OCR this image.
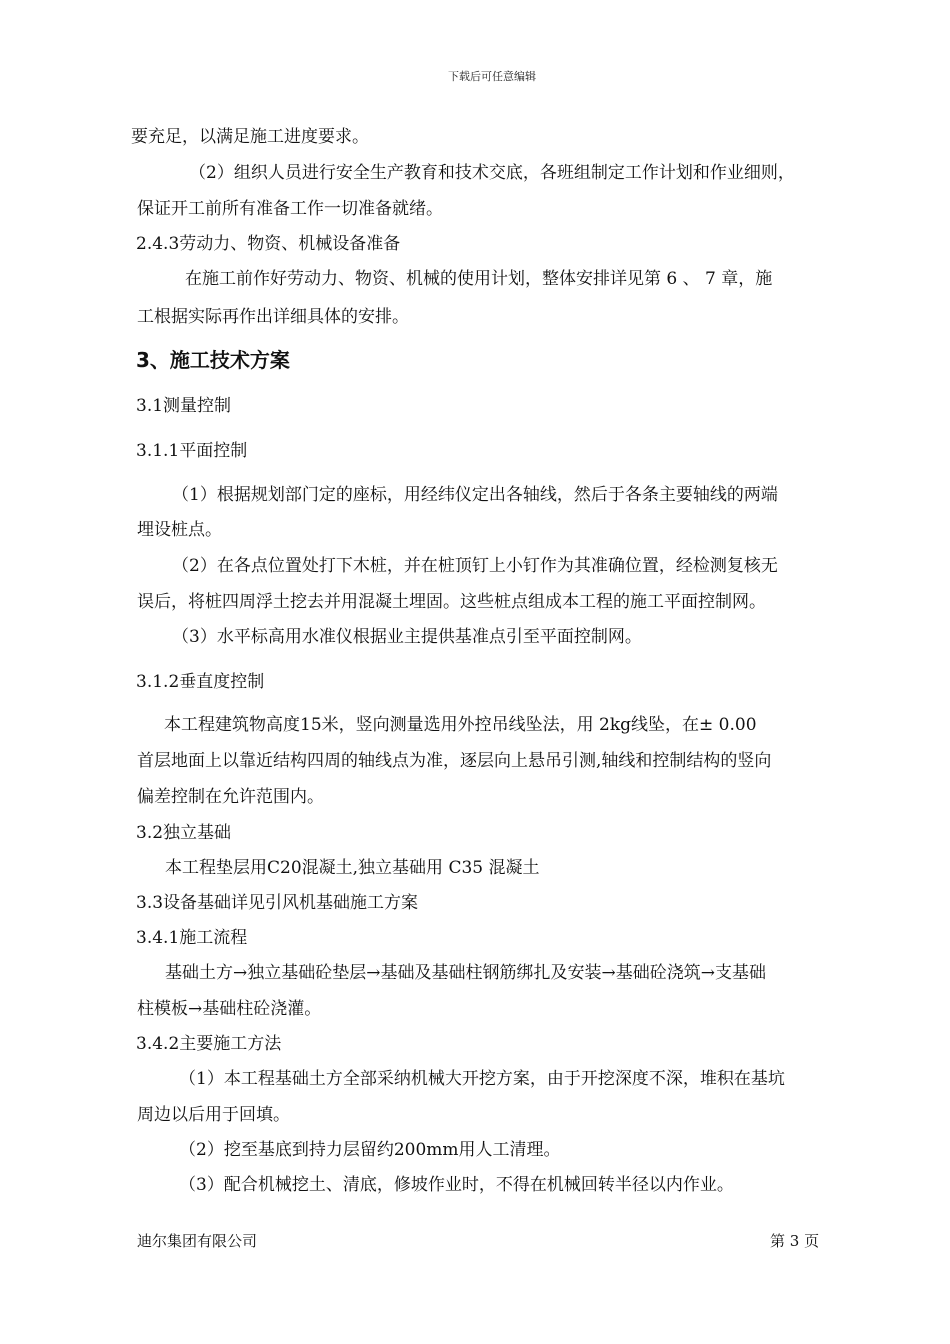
下载后可任意编辑
要充足，以满足施工进度要求。
（2）组织人员进行安全生产教育和技术交底，各班组制定工作计划和作业细则，
保证开工前所有准备工作一切准备就绪。
2.4.3劳动力、物资、机械设备准备
在施工前作好劳动力、物资、机械的使用计划，整体安排详见第 6 、 7 章，施
工根据实际再作出详细具体的安排。
3、施工技术方案
3.1测量控制
3.1.1平面控制
（1）根据规划部门定的座标，用经纬仪定出各轴线，然后于各条主要轴线的两端
埋设桩点。
（2）在各点位置处打下木桩，并在桩顶钉上小钉作为其准确位置，经检测复核无
误后，将桩四周浮土挖去并用混凝土埋固。这些桩点组成本工程的施工平面控制网。
（3）水平标高用水准仪根据业主提供基准点引至平面控制网。
3.1.2垂直度控制
本工程建筑物高度15米，竖向测量选用外控吊线坠法，用 2kg线坠，在± 0.00
首层地面上以靠近结构四周的轴线点为准，逐层向上悬吊引测,轴线和控制结构的竖向
偏差控制在允许范围内。
3.2独立基础
本工程垫层用C20混凝土,独立基础用 C35 混凝土
3.3设备基础详见引风机基础施工方案
3.4.1施工流程
基础土方→独立基础砼垫层→基础及基础柱钢筋绑扎及安装→基础砼浇筑→支基础
柱模板→基础柱砼浇灌。
3.4.2主要施工方法
（1）本工程基础土方全部采纳机械大开挖方案，由于开挖深度不深，堆积在基坑
周边以后用于回填。
（2）挖至基底到持力层留约200mm用人工清理。
（3）配合机械挖土、清底，修坡作业时，不得在机械回转半径以内作业。
迪尔集团有限公司	第 3 页
